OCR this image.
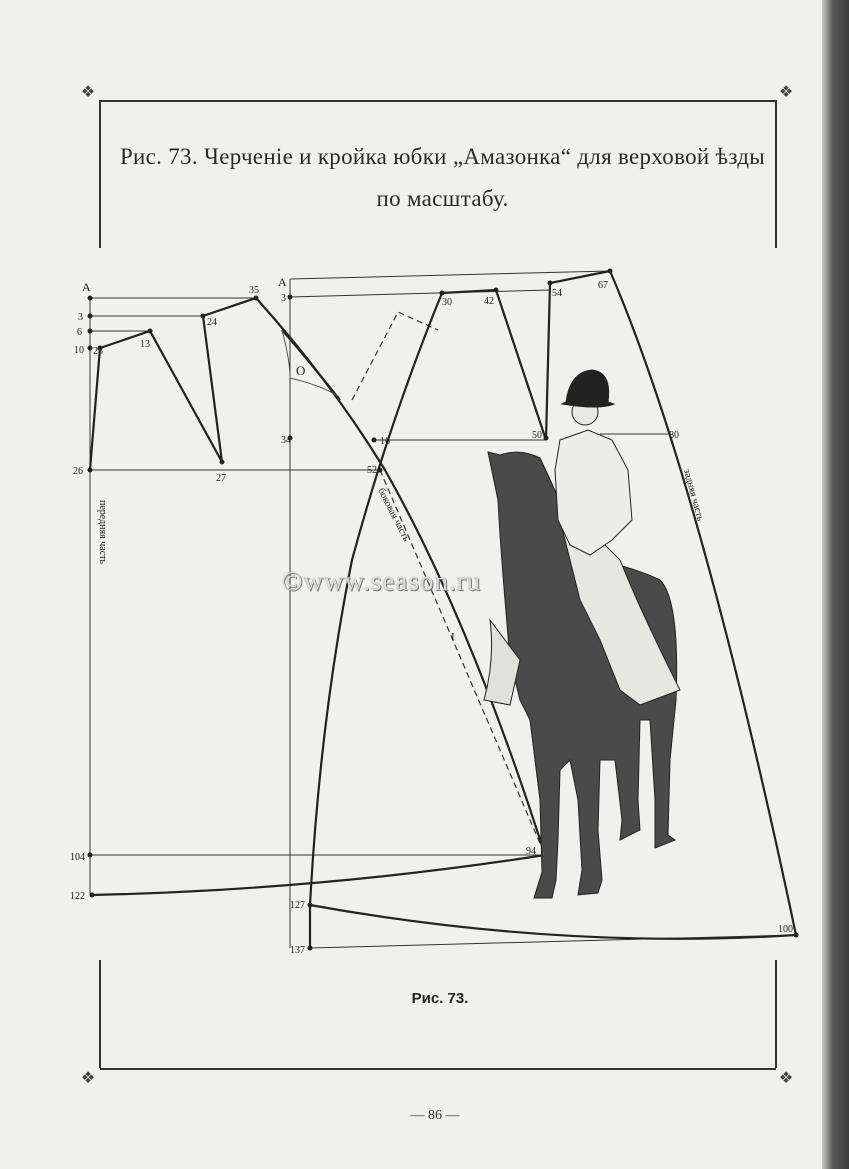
❖	❖
❖	❖
Рис. 73. Черченіе и кройка юбки „Амазонка“ для верховой ѣзды по масштабу.
А
3
6
10 23
13
24
35
26
27
104
122
передняя часть
А
3	30	42
54
67
34	16
50	80
52
94
127
137
100
боковая часть	задняя часть
О
I
©www.season.ru
Рис. 73.
— 86 —
